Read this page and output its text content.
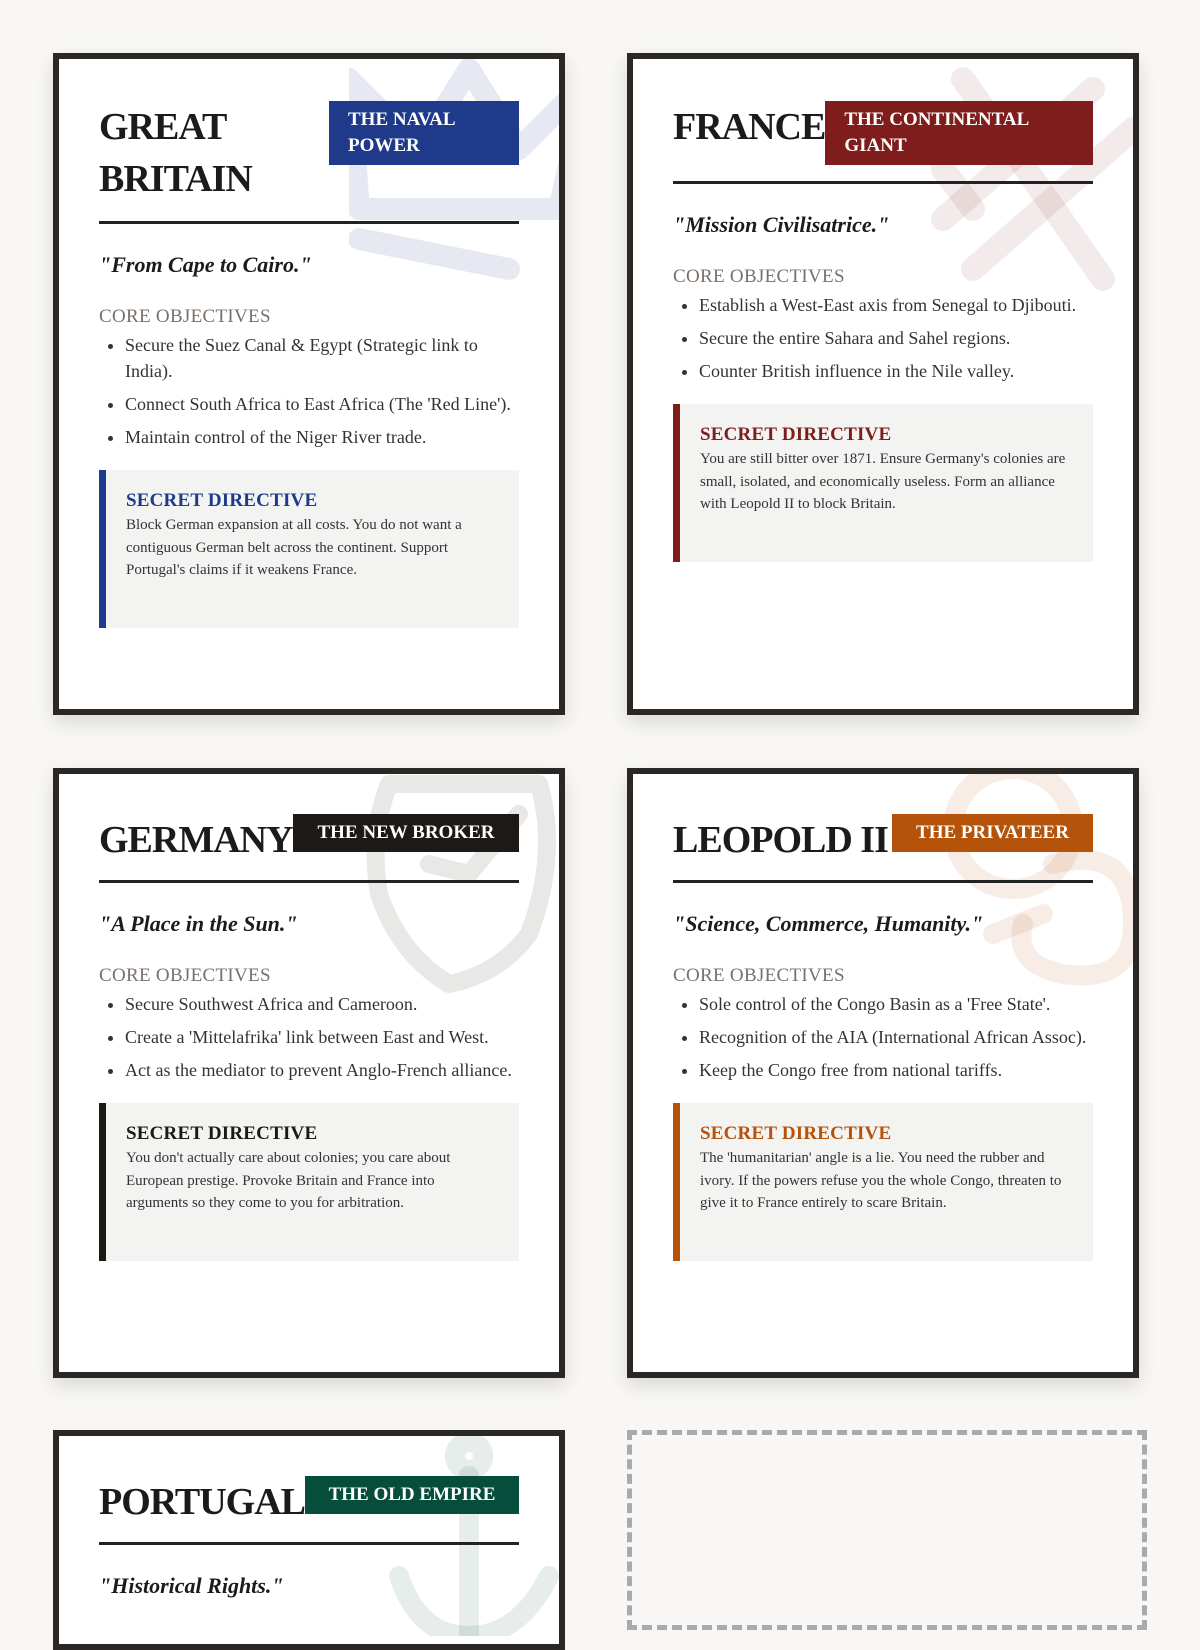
GREAT
BRITAIN
THE NAVAL
POWER

"From Cape to Cairo."

CORE OBJECTIVES

• Secure the Suez Canal & Egypt (Strategic link to India).
• Connect South Africa to East Africa (The 'Red Line').
• Maintain control of the Niger River trade.

SECRET DIRECTIVE

Block German expansion at all costs. You do not want a contiguous German belt across the continent. Support Portugal's claims if it weakens France.

FRANCE	THE CONTINENTAL
GIANT

"Mission Civilisatrice."

CORE OBJECTIVES

• Establish a West-East axis from Senegal to Djibouti.
• Secure the entire Sahara and Sahel regions.
• Counter British influence in the Nile valley.

SECRET DIRECTIVE

You are still bitter over 1871. Ensure Germany's colonies are small, isolated, and economically useless. Form an alliance with Leopold II to block Britain.

GERMANY	THE NEW BROKER

"A Place in the Sun."

CORE OBJECTIVES

• Secure Southwest Africa and Cameroon.
• Create a 'Mittelafrika' link between East and West.
• Act as the mediator to prevent Anglo-French alliance.

SECRET DIRECTIVE

You don't actually care about colonies; you care about European prestige. Provoke Britain and France into arguments so they come to you for arbitration.

LEOPOLD II	THE PRIVATEER

"Science, Commerce, Humanity."

CORE OBJECTIVES

• Sole control of the Congo Basin as a 'Free State'.
• Recognition of the AIA (International African Assoc).
• Keep the Congo free from national tariffs.

SECRET DIRECTIVE

The 'humanitarian' angle is a lie. You need the rubber and ivory. If the powers refuse you the whole Congo, threaten to give it to France entirely to scare Britain.

PORTUGAL	THE OLD EMPIRE

"Historical Rights."
